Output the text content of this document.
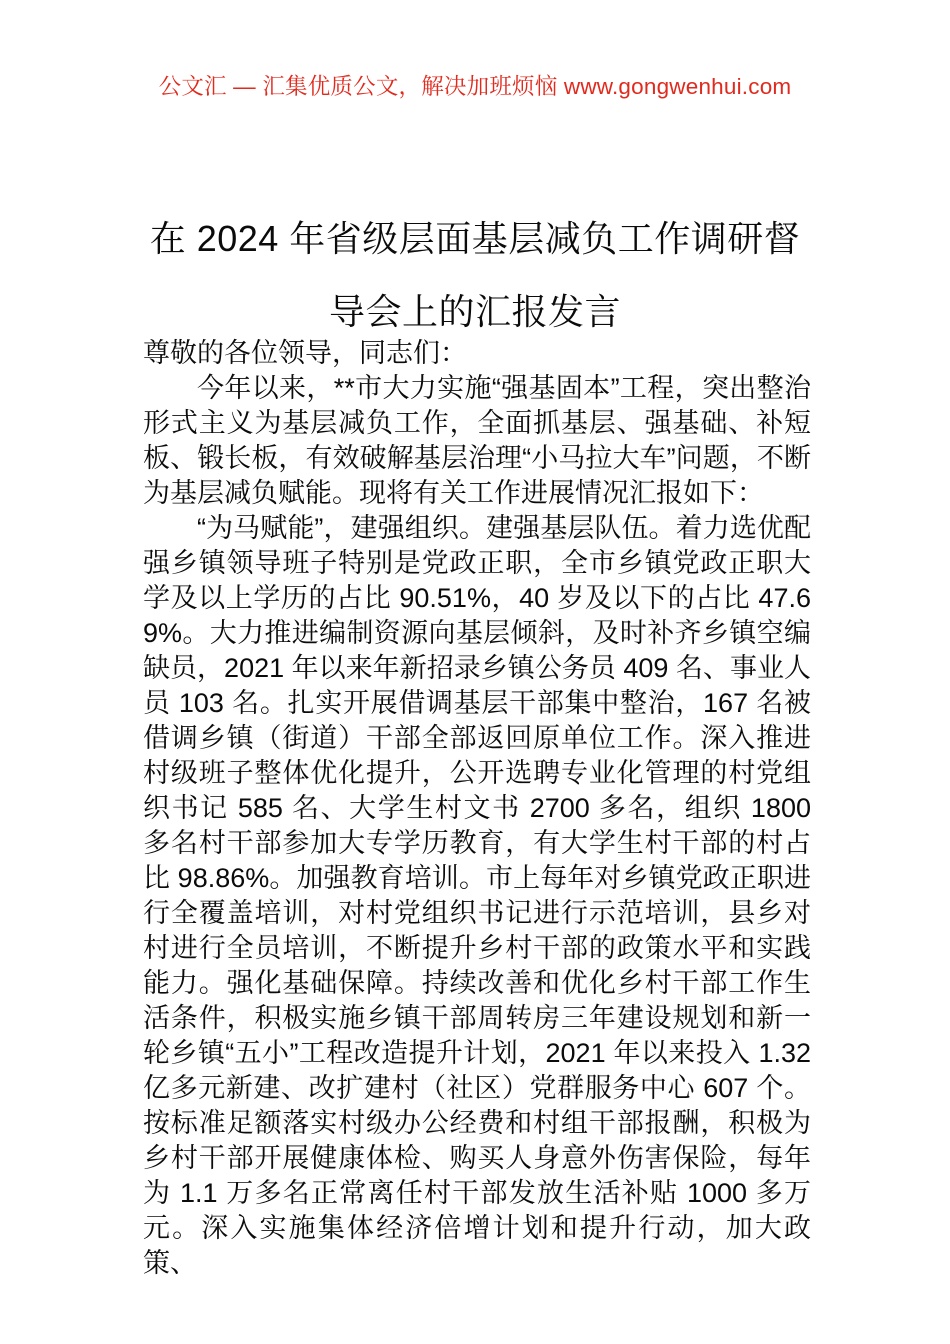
公文汇 — 汇集优质公文，解决加班烦恼 www.gongwenhui.com
在 2024 年省级层面基层减负工作调研督导会上的汇报发言

尊敬的各位领导，同志们：

今年以来，**市大力实施“强基固本”工程，突出整治形式主义为基层减负工作，全面抓基层、强基础、补短板、锻长板，有效破解基层治理“小马拉大车”问题，不断为基层减负赋能。现将有关工作进展情况汇报如下：

“为马赋能”，建强组织。建强基层队伍。着力选优配强乡镇领导班子特别是党政正职，全市乡镇党政正职大学及以上学历的占比 90.51%，40 岁及以下的占比 47.69%。大力推进编制资源向基层倾斜，及时补齐乡镇空编缺员，2021 年以来年新招录乡镇公务员 409 名、事业人员 103 名。扎实开展借调基层干部集中整治，167 名被借调乡镇（街道）干部全部返回原单位工作。深入推进村级班子整体优化提升，公开选聘专业化管理的村党组织书记 585 名、大学生村文书 2700 多名，组织 1800 多名村干部参加大专学历教育，有大学生村干部的村占比 98.86%。加强教育培训。市上每年对乡镇党政正职进行全覆盖培训，对村党组织书记进行示范培训，县乡对村进行全员培训，不断提升乡村干部的政策水平和实践能力。强化基础保障。持续改善和优化乡村干部工作生活条件，积极实施乡镇干部周转房三年建设规划和新一轮乡镇“五小”工程改造提升计划，2021 年以来投入 1.32 亿多元新建、改扩建村（社区）党群服务中心 607 个。按标准足额落实村级办公经费和村组干部报酬，积极为乡村干部开展健康体检、购买人身意外伤害保险，每年为 1.1 万多名正常离任村干部发放生活补贴 1000 多万元。深入实施集体经济倍增计划和提升行动，加大政策、
